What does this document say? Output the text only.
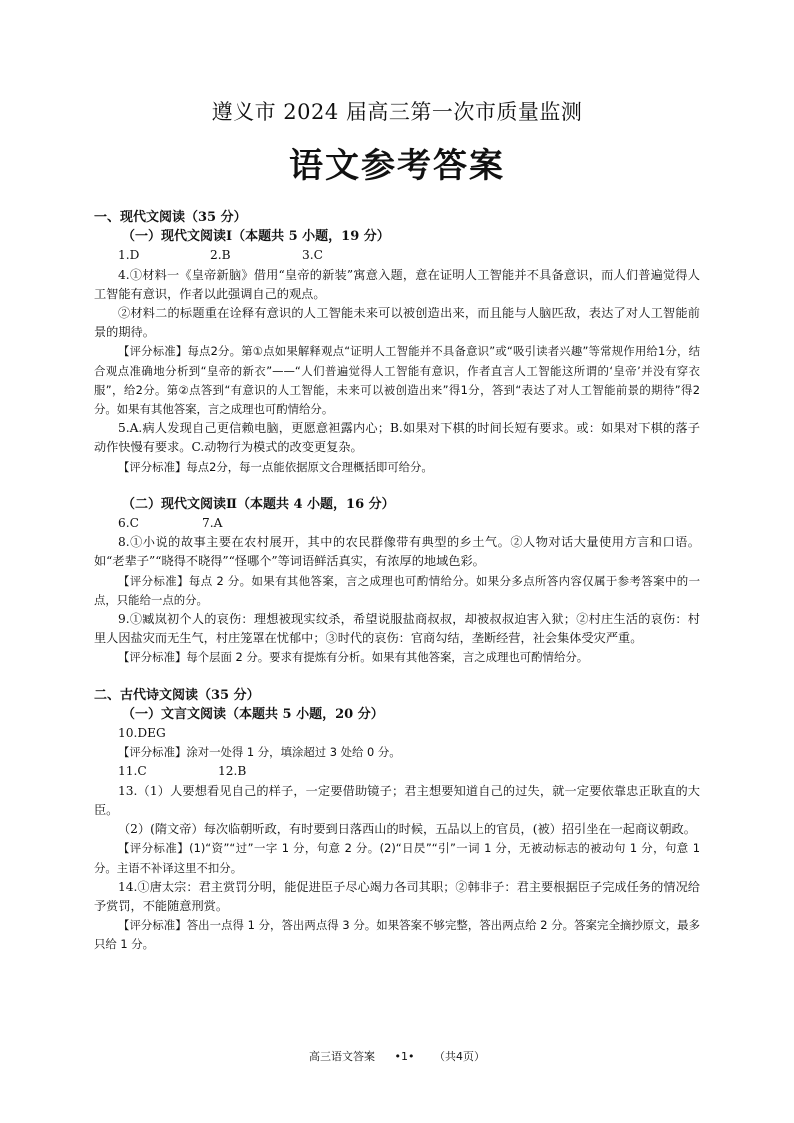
遵义市 2024 届高三第一次市质量监测
语文参考答案

一、现代文阅读（35 分）

（一）现代文阅读Ⅰ（本题共 5 小题，19 分）

1.D	2.B	3.C

4.①材料一《皇帝新脑》借用“皇帝的新装”寓意入题，意在证明人工智能并不具备意识，而人们普遍觉得人工智能有意识，作者以此强调自己的观点。

②材料二的标题重在诠释有意识的人工智能未来可以被创造出来，而且能与人脑匹敌，表达了对人工智能前景的期待。

【评分标准】每点2分。第①点如果解释观点“证明人工智能并不具备意识”或“吸引读者兴趣”等常规作用给1分，结合观点准确地分析到“皇帝的新衣”——“人们普遍觉得人工智能有意识，作者直言人工智能这所谓的‘皇帝’并没有穿衣服”，给2分。第②点答到“有意识的人工智能，未来可以被创造出来”得1分，答到“表达了对人工智能前景的期待”得2分。如果有其他答案，言之成理也可酌情给分。

5.A.病人发现自己更信赖电脑，更愿意袒露内心；B.如果对下棋的时间长短有要求。或：如果对下棋的落子动作快慢有要求。C.动物行为模式的改变更复杂。

【评分标准】每点2分，每一点能依据原文合理概括即可给分。

（二）现代文阅读Ⅱ（本题共 4 小题，16 分）

6.C	7.A

8.①小说的故事主要在农村展开，其中的农民群像带有典型的乡土气。②人物对话大量使用方言和口语。如“老辈子”“晓得不晓得”“怪哪个”等词语鲜活真实，有浓厚的地域色彩。

【评分标准】每点 2 分。如果有其他答案，言之成理也可酌情给分。如果分多点所答内容仅属于参考答案中的一点，只能给一点的分。

9.①臧岚初个人的哀伤：理想被现实纹杀，希望说服盐商叔叔，却被叔叔迫害入狱；②村庄生活的哀伤：村里人因盐灾而无生气，村庄笼罩在忧郁中；③时代的哀伤：官商勾结，垄断经营，社会集体受灾严重。

【评分标准】每个层面 2 分。要求有提炼有分析。如果有其他答案，言之成理也可酌情给分。

二、古代诗文阅读（35 分）

（一）文言文阅读（本题共 5 小题，20 分）

10.DEG

【评分标准】涂对一处得 1 分，填涂超过 3 处给 0 分。

11.C	12.B

13.（1）人要想看见自己的样子，一定要借助镜子；君主想要知道自己的过失，就一定要依靠忠正耿直的大臣。

（2）(隋文帝）每次临朝听政，有时要到日落西山的时候，五品以上的官员，(被）招引坐在一起商议朝政。

【评分标准】(1)“资”“过”一字 1 分，句意 2 分。(2)“日昃”“引”一词 1 分，无被动标志的被动句 1 分，句意 1 分。主语不补译这里不扣分。

14.①唐太宗：君主赏罚分明，能促进臣子尽心竭力各司其职；②韩非子：君主要根据臣子完成任务的情况给予赏罚，不能随意刑赏。

【评分标准】答出一点得 1 分，答出两点得 3 分。如果答案不够完整，答出两点给 2 分。答案完全摘抄原文，最多只给 1 分。

高三语文答案 •1• （共4页）
